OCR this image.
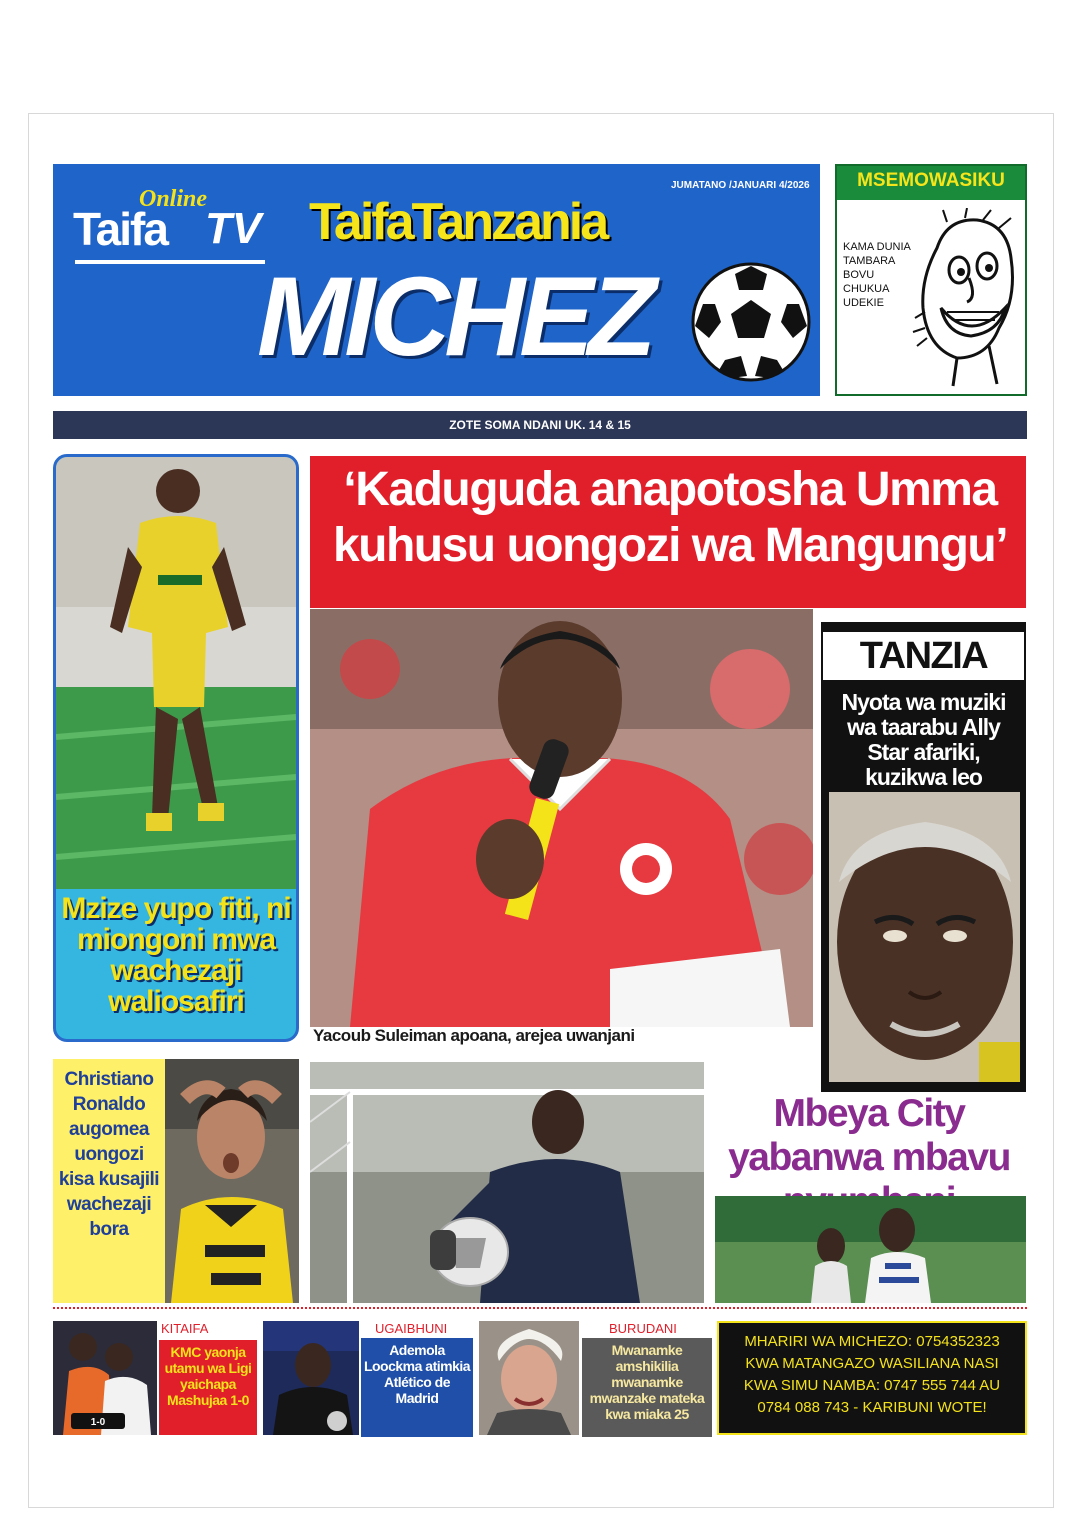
Online
Taifa TV
JUMATANO /JANUARI 4/2026
TaifaTanzania
MICHEZ
MSEMOWASIKU
KAMA DUNIA
TAMBARA
BOVU
CHUKUA
UDEKIE
ZOTE SOMA NDANI UK. 14 & 15
‘Kaduguda anapotosha Umma
kuhusu uongozi wa Mangungu’
Mzize yupo fiti, ni miongoni mwa wachezaji waliosafiri
Yacoub Suleiman apoana, arejea uwanjani
TANZIA
Nyota wa muziki wa taarabu Ally Star afariki, kuzikwa leo
Christiano Ronaldo augomea uongozi kisa kusajili wachezaji bora
Mbeya City yabanwa mbavu
1-0
KITAIFA
KMC yaonja utamu wa Ligi yaichapa Mashujaa 1-0
UGAIBHUNI
Ademola Loockma atimkia Atlético de Madrid
BURUDANI
Mwanamke amshikilia mwanamke mwanzake mateka kwa miaka 25
MHARIRI WA MICHEZO: 0754352323
KWA MATANGAZO WASILIANA NASI
KWA SIMU NAMBA: 0747 555 744 AU
0784 088 743 - KARIBUNI WOTE!
